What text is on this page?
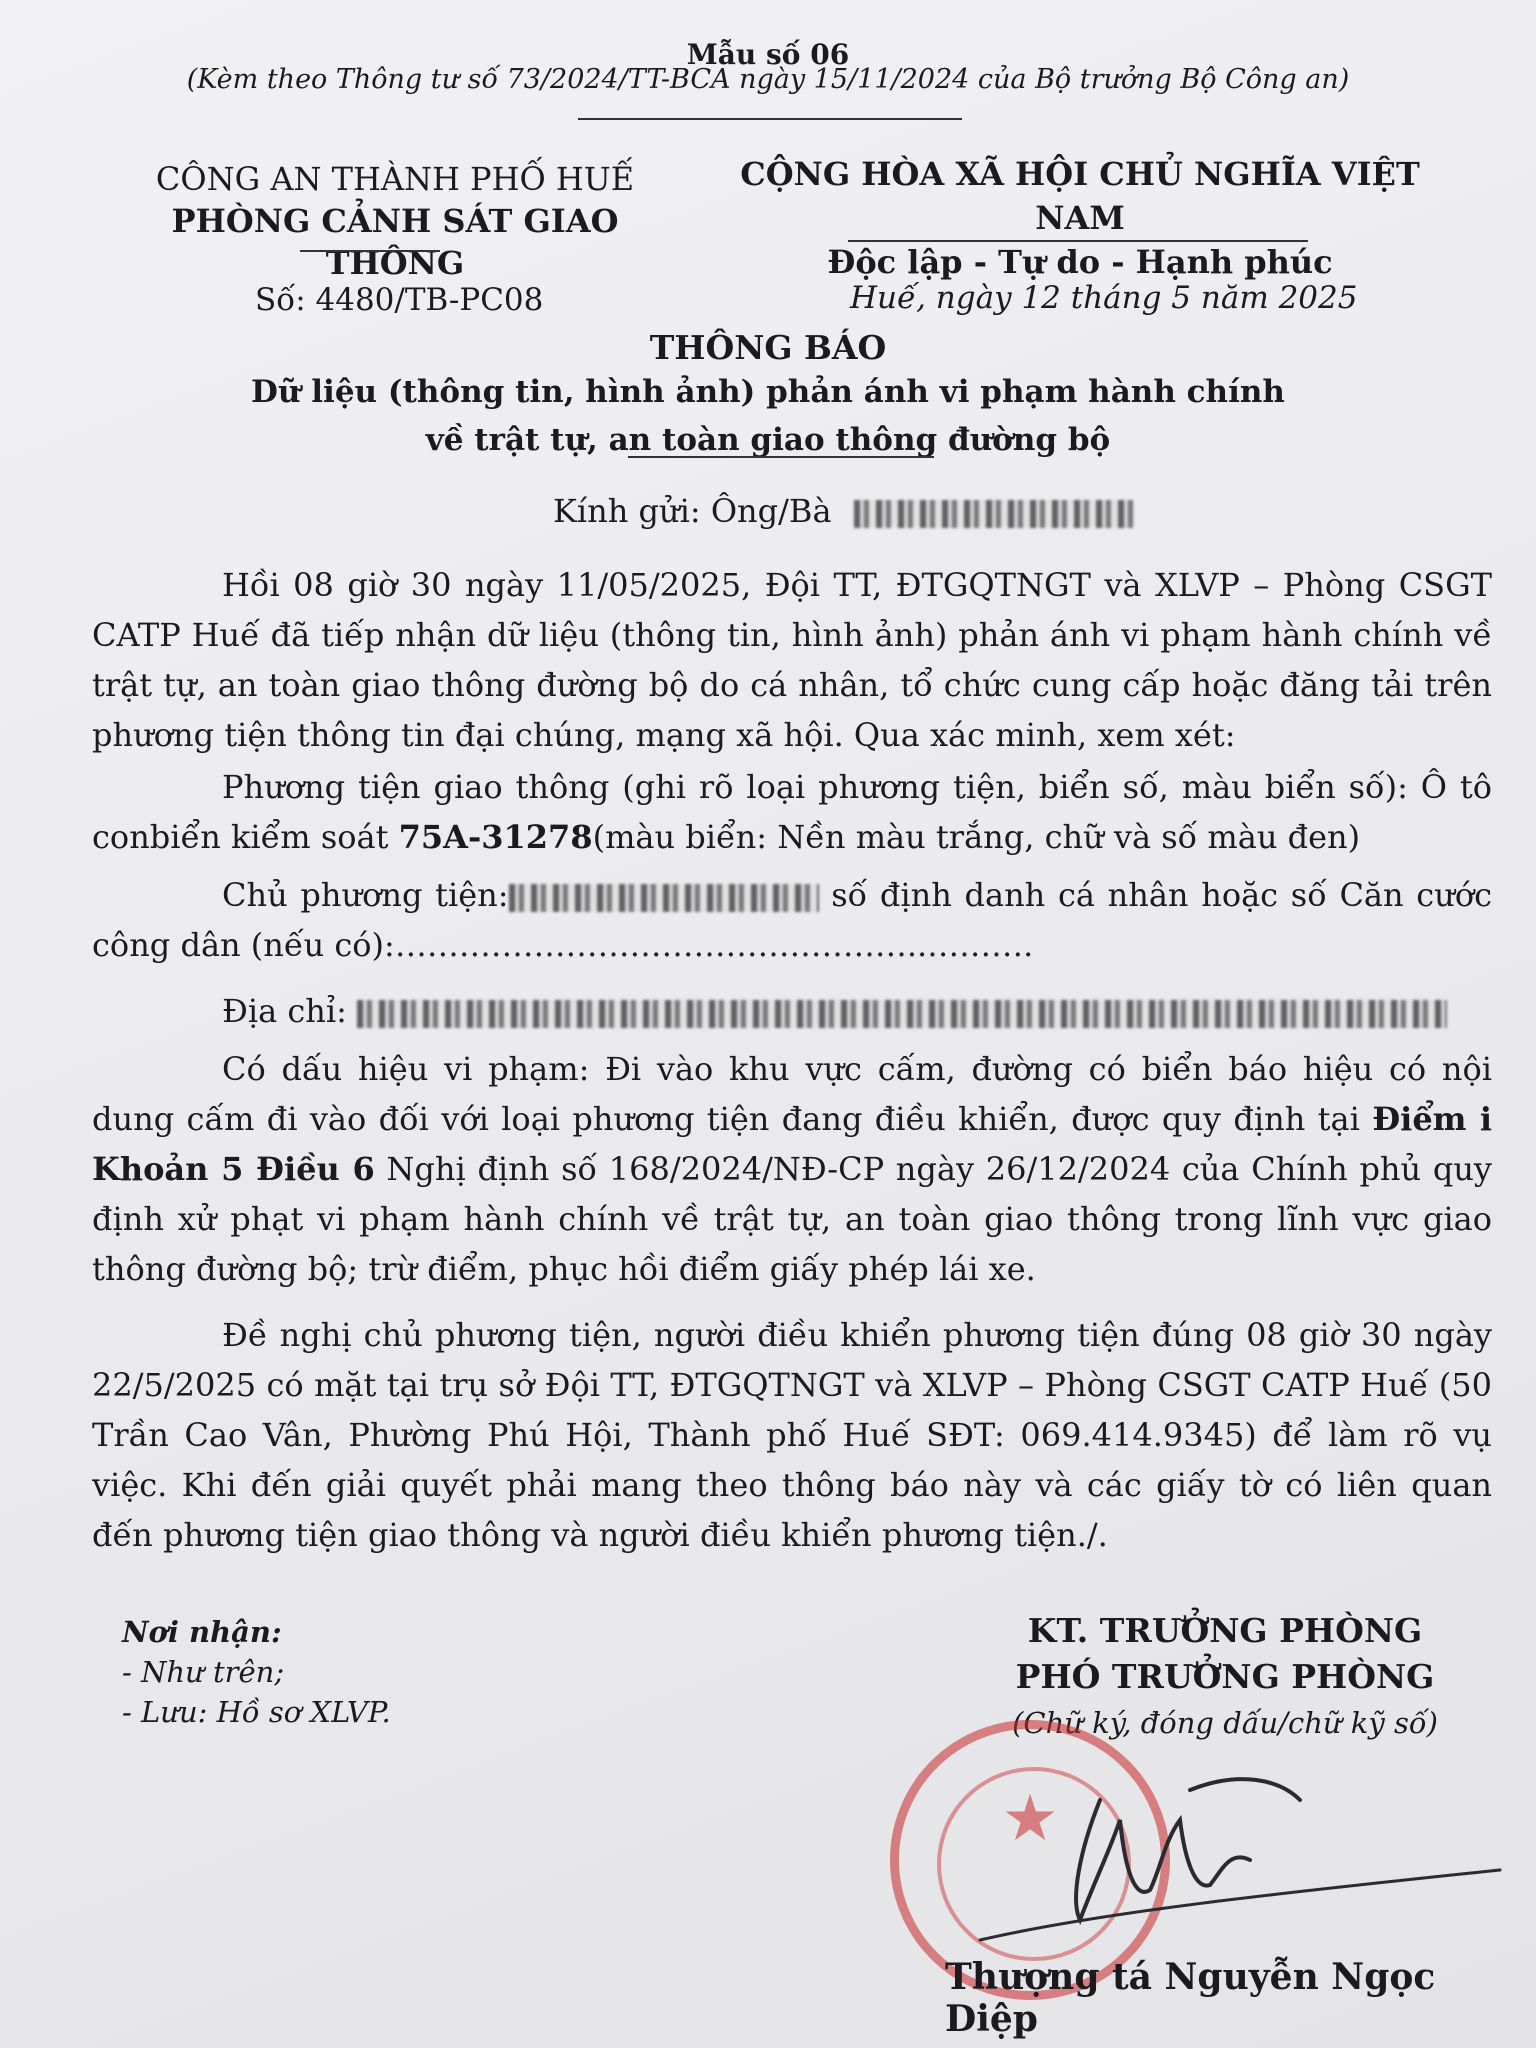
Mẫu số 06
(Kèm theo Thông tư số 73/2024/TT-BCA ngày 15/11/2024 của Bộ trưởng Bộ Công an)
CÔNG AN THÀNH PHỐ HUẾ
PHÒNG CẢNH SÁT GIAO THÔNG
CỘNG HÒA XÃ HỘI CHỦ NGHĨA VIỆT NAM
Độc lập - Tự do - Hạnh phúc
Số: 4480/TB-PC08	Huế, ngày 12 tháng 5 năm 2025
THÔNG BÁO
Dữ liệu (thông tin, hình ảnh) phản ánh vi phạm hành chính
về trật tự, an toàn giao thông đường bộ
Kính gửi: Ông/Bà
Hồi 08 giờ 30 ngày 11/05/2025, Đội TT, ĐTGQTNGT và XLVP – Phòng CSGT CATP Huế đã tiếp nhận dữ liệu (thông tin, hình ảnh) phản ánh vi phạm hành chính về trật tự, an toàn giao thông đường bộ do cá nhân, tổ chức cung cấp hoặc đăng tải trên phương tiện thông tin đại chúng, mạng xã hội. Qua xác minh, xem xét:
Phương tiện giao thông (ghi rõ loại phương tiện, biển số, màu biển số): Ô tô conbiển kiểm soát 75A-31278(màu biển: Nền màu trắng, chữ và số màu đen)
Chủ phương tiện:	số định danh cá nhân hoặc số Căn cước công dân (nếu có):…………………………………………..……….
Địa chỉ:
Có dấu hiệu vi phạm: Đi vào khu vực cấm, đường có biển báo hiệu có nội dung cấm đi vào đối với loại phương tiện đang điều khiển, được quy định tại Điểm i Khoản 5 Điều 6 Nghị định số 168/2024/NĐ-CP ngày 26/12/2024 của Chính phủ quy định xử phạt vi phạm hành chính về trật tự, an toàn giao thông trong lĩnh vực giao thông đường bộ; trừ điểm, phục hồi điểm giấy phép lái xe.
Đề nghị chủ phương tiện, người điều khiển phương tiện đúng 08 giờ 30 ngày 22/5/2025 có mặt tại trụ sở Đội TT, ĐTGQTNGT và XLVP – Phòng CSGT CATP Huế (50 Trần Cao Vân, Phường Phú Hội, Thành phố Huế SĐT: 069.414.9345) để làm rõ vụ việc. Khi đến giải quyết phải mang theo thông báo này và các giấy tờ có liên quan đến phương tiện giao thông và người điều khiển phương tiện./.
Nơi nhận:
- Như trên;
- Lưu: Hồ sơ XLVP.
KT. TRƯỞNG PHÒNG
PHÓ TRƯỞNG PHÒNG
(Chữ ký, đóng dấu/chữ kỹ số)
★
Thượng tá Nguyễn Ngọc Diệp
